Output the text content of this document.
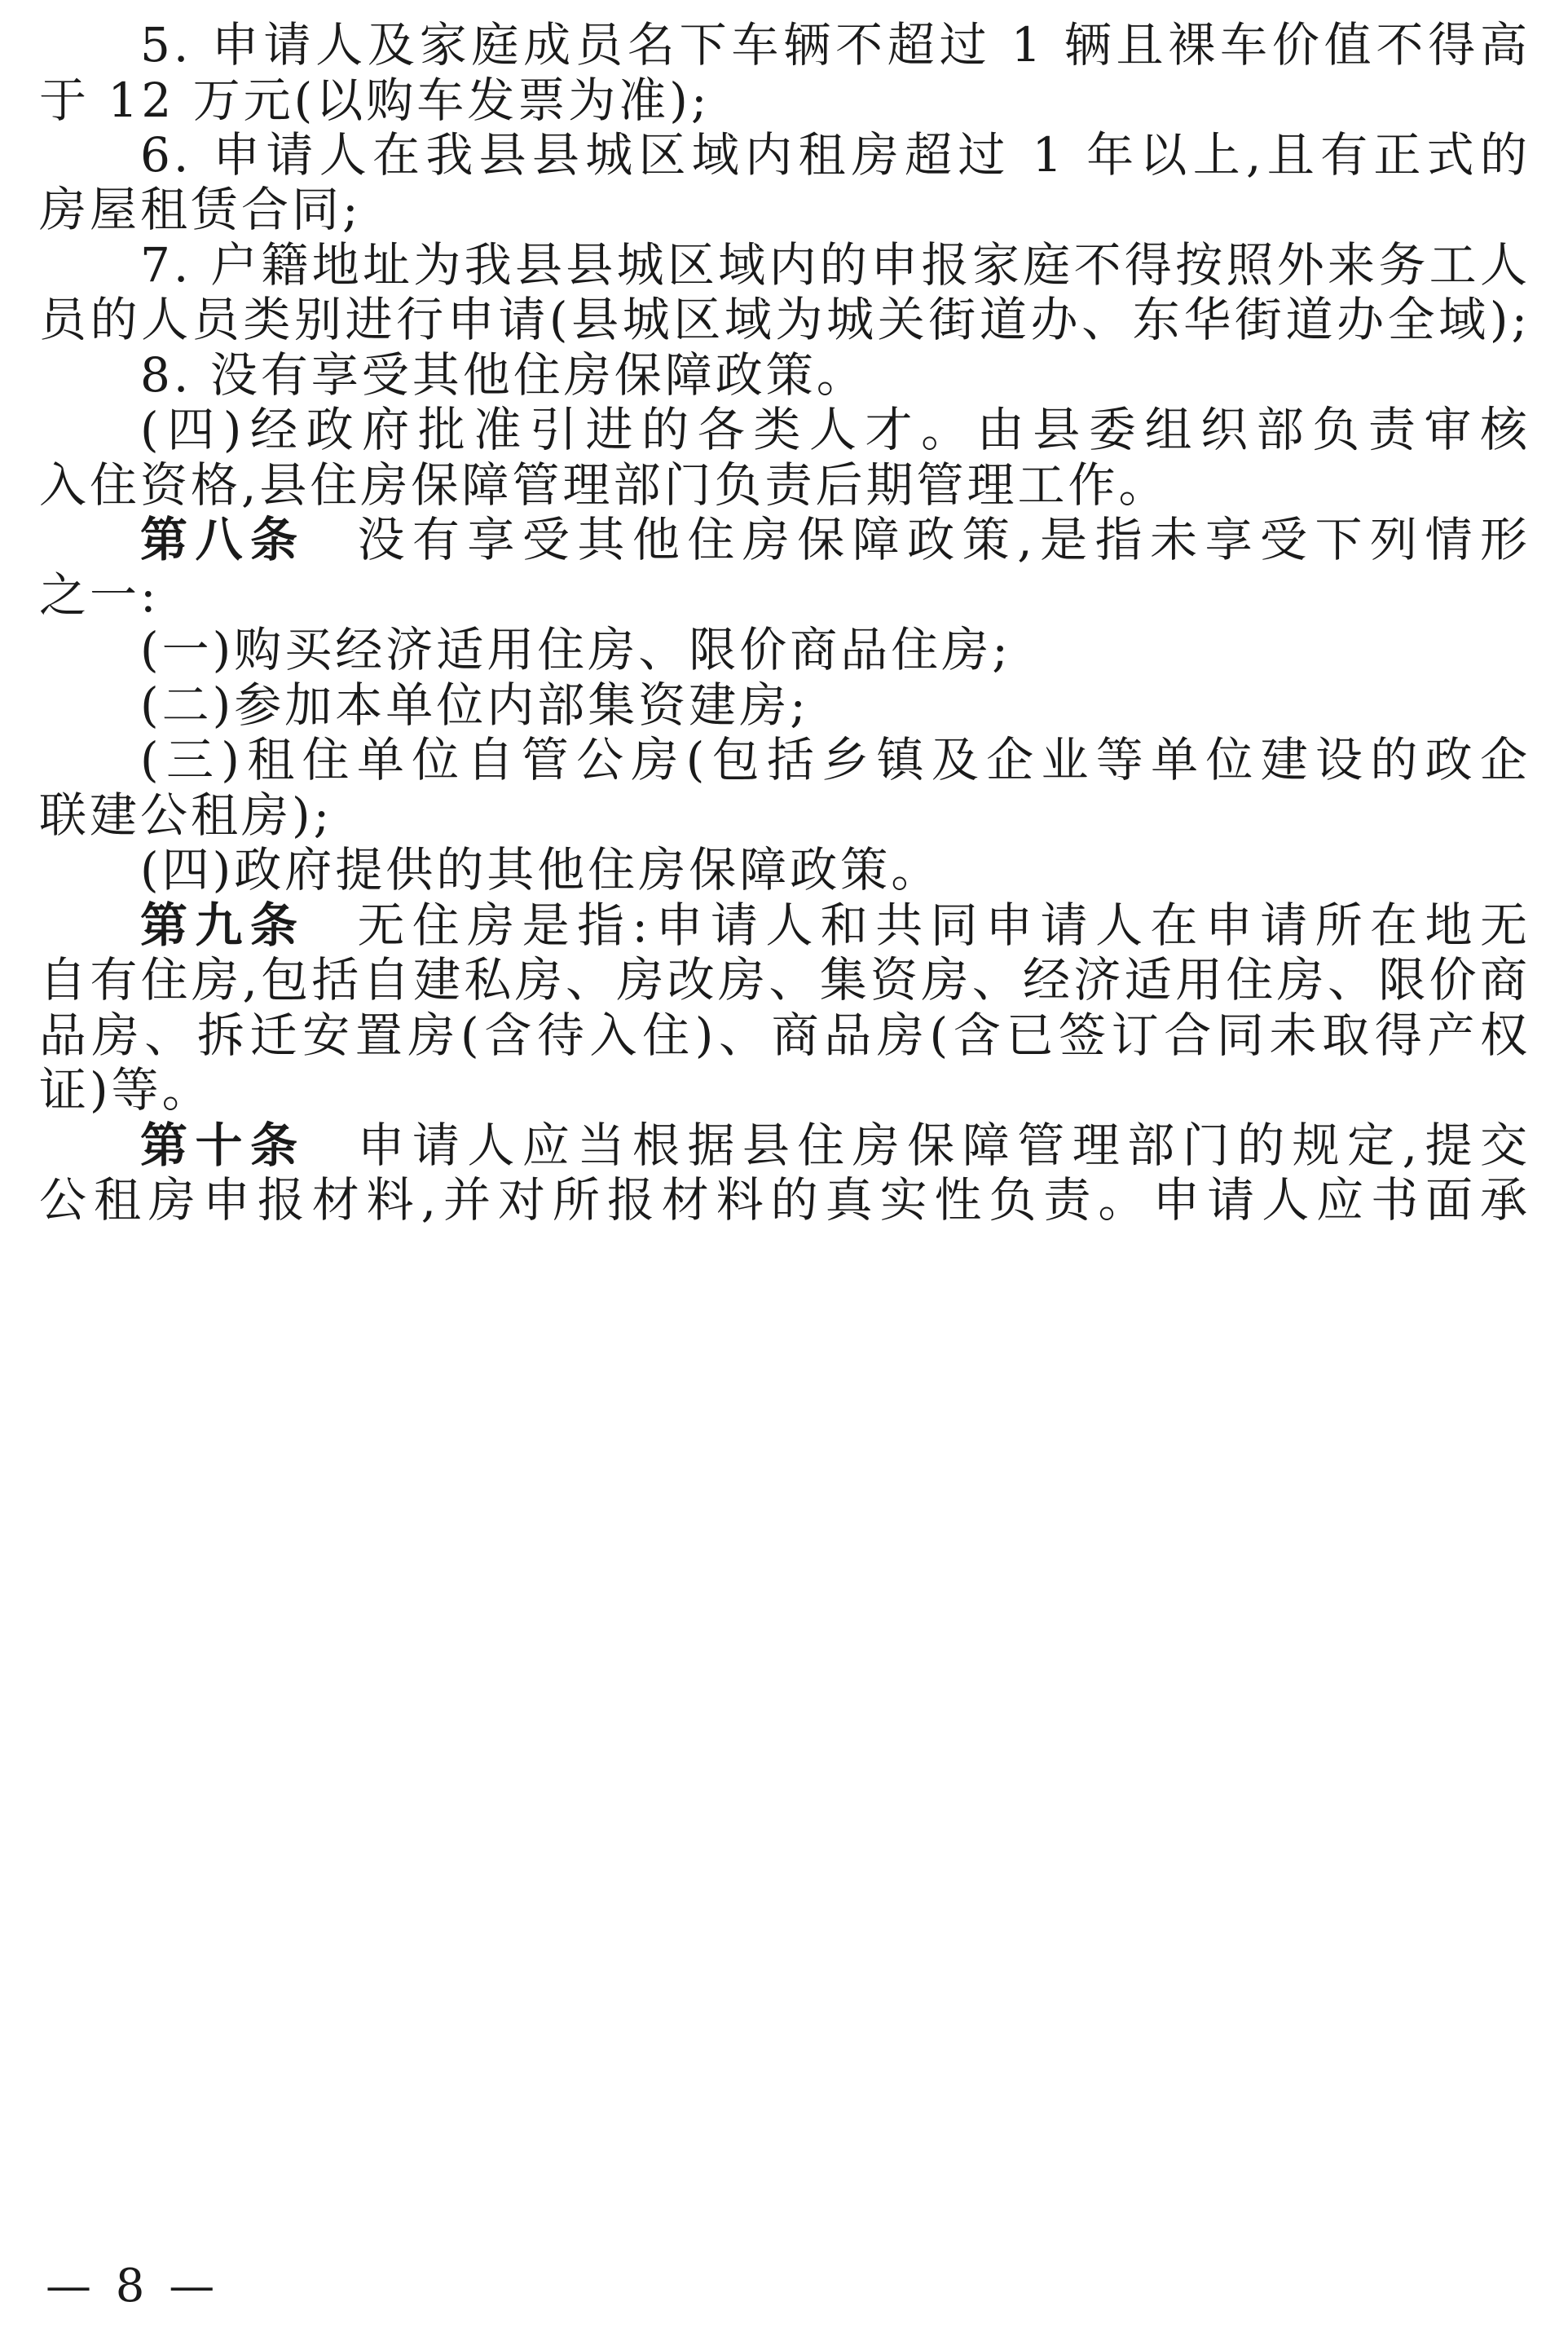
5. 申请人及家庭成员名下车辆不超过 1 辆且裸车价值不得高
于 12 万元(以购车发票为准);
6. 申请人在我县县城区域内租房超过 1 年以上,且有正式的
房屋租赁合同;
7. 户籍地址为我县县城区域内的申报家庭不得按照外来务工人
员的人员类别进行申请(县城区域为城关街道办、东华街道办全域);
8. 没有享受其他住房保障政策。
(四)经政府批准引进的各类人才。由县委组织部负责审核
入住资格,县住房保障管理部门负责后期管理工作。
第八条 没有享受其他住房保障政策,是指未享受下列情形
之一:
(一)购买经济适用住房、限价商品住房;
(二)参加本单位内部集资建房;
(三)租住单位自管公房(包括乡镇及企业等单位建设的政企
联建公租房);
(四)政府提供的其他住房保障政策。
第九条 无住房是指:申请人和共同申请人在申请所在地无
自有住房,包括自建私房、房改房、集资房、经济适用住房、限价商
品房、拆迁安置房(含待入住)、商品房(含已签订合同未取得产权
证)等。
第十条 申请人应当根据县住房保障管理部门的规定,提交
公租房申报材料,并对所报材料的真实性负责。申请人应书面承
— 8 —
